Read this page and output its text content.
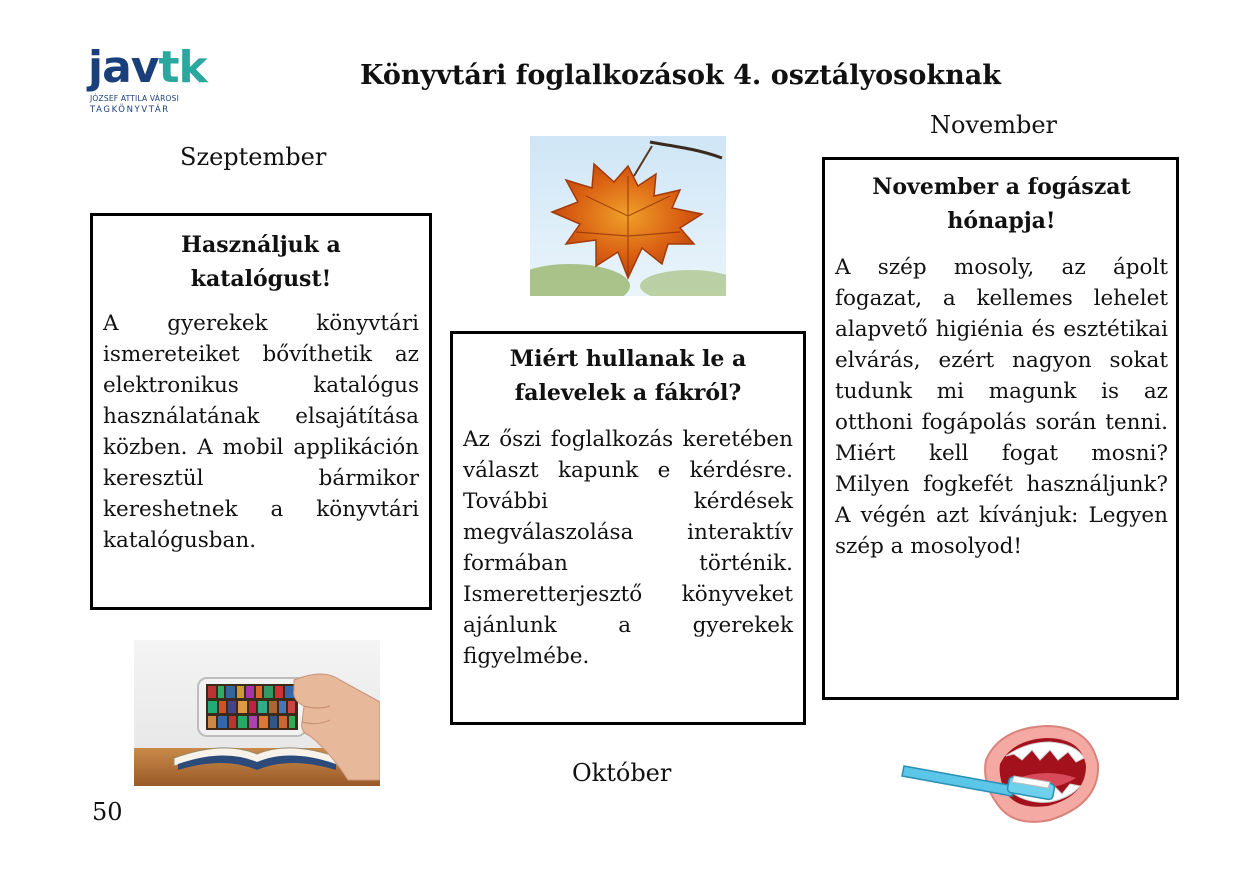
javtk
JÓZSEF ATTILA VÁROSI
TAGKÖNYVTÁR
Könyvtári foglalkozások 4. osztályosoknak
Szeptember
November
Október
Használjuk a katalógust!

A gyerekek könyvtári ismereteiket bővíthetik az elektronikus katalógus használatának elsajátítása közben. A mobil applikáción keresztül bármikor kereshetnek a könyvtári katalógusban.

Miért hullanak le a falevelek a fákról?

Az őszi foglalkozás keretében választ kapunk e kérdésre. További kérdések megválaszolása interaktív formában történik. Ismeretterjesztő könyveket ajánlunk a gyerekek figyelmébe.

November a fogászat hónapja!

A szép mosoly, az ápolt fogazat, a kellemes lehelet alapvető higiénia és esztétikai elvárás, ezért nagyon sokat tudunk mi magunk is az otthoni fogápolás során tenni. Miért kell fogat mosni? Milyen fogkefét használjunk? A végén azt kívánjuk: Legyen szép a mosolyod!

50
